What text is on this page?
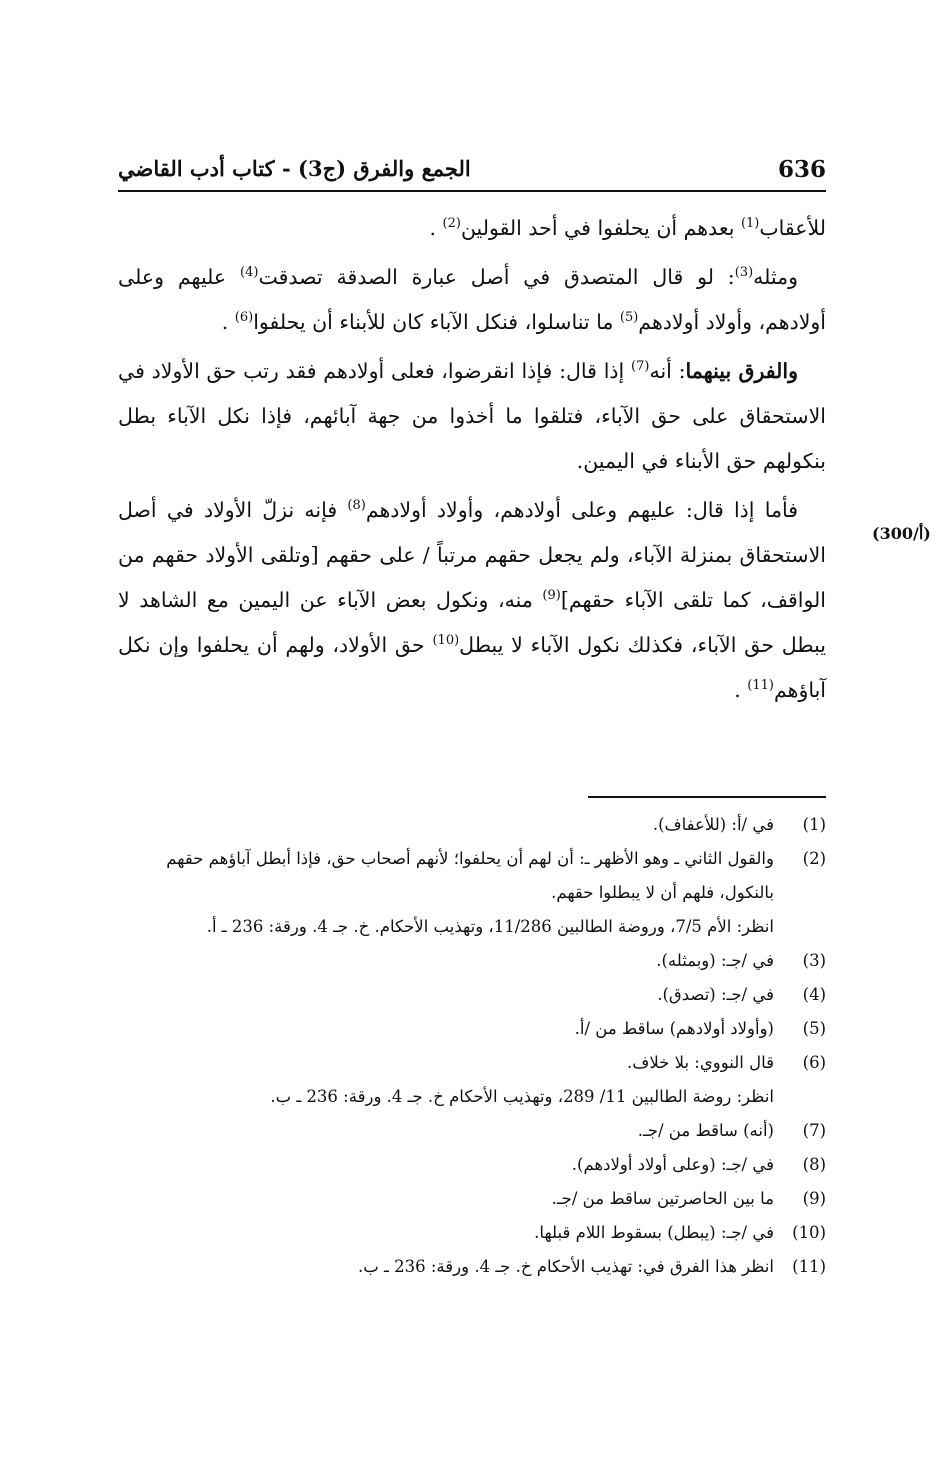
636
الجمع والفرق (ج3) - كتاب أدب القاضي
(300/أ)

للأعقاب$^{(1)}$ بعدهم أن يحلفوا في أحد القولين$^{(2)}$ .

ومثله$^{(3)}$: لو قال المتصدق في أصل عبارة الصدقة تصدقت$^{(4)}$ عليهم وعلى أولادهم، وأولاد أولادهم$^{(5)}$ ما تناسلوا، فنكل الآباء كان للأبناء أن يحلفوا$^{(6)}$ .

والفرق بينهما: أنه$^{(7)}$ إذا قال: فإذا انقرضوا، فعلى أولادهم فقد رتب حق الأولاد في الاستحقاق على حق الآباء، فتلقوا ما أخذوا من جهة آبائهم، فإذا نكل الآباء بطل بنكولهم حق الأبناء في اليمين.

فأما إذا قال: عليهم وعلى أولادهم، وأولاد أولادهم$^{(8)}$ فإنه نزلّ الأولاد في أصل الاستحقاق بمنزلة الآباء، ولم يجعل حقهم مرتباً / على حقهم [وتلقى الأولاد حقهم من الواقف، كما تلقى الآباء حقهم]$^{(9)}$ منه، ونكول بعض الآباء عن اليمين مع الشاهد لا يبطل حق الآباء، فكذلك نكول الآباء لا يبطل$^{(10)}$ حق الأولاد، ولهم أن يحلفوا وإن نكل آباؤهم$^{(11)}$ .

(1)
في /أ: (للأعفاف).
(2)
والقول الثاني ـ وهو الأظهر ـ: أن لهم أن يحلفوا؛ لأنهم أصحاب حق، فإذا أبطل آباؤهم حقهم بالنكول، فلهم أن لا يبطلوا حقهم.
انظر: الأم 7/5، وروضة الطالبين 11/286، وتهذيب الأحكام. خ. جـ 4. ورقة: 236 ـ أ.
(3)
في /جـ: (وبمثله).
(4)
في /جـ: (تصدق).
(5)
(وأولاد أولادهم) ساقط من /أ.
(6)
قال النووي: بلا خلاف.
انظر: روضة الطالبين 11/ 289، وتهذيب الأحكام خ. جـ 4. ورقة: 236 ـ ب.
(7)
(أنه) ساقط من /جـ.
(8)
في /جـ: (وعلى أولاد أولادهم).
(9)
ما بين الحاصرتين ساقط من /جـ.
(10)
في /جـ: (يبطل) بسقوط اللام قبلها.
(11)
انظر هذا الفرق في: تهذيب الأحكام خ. جـ 4. ورقة: 236 ـ ب.
